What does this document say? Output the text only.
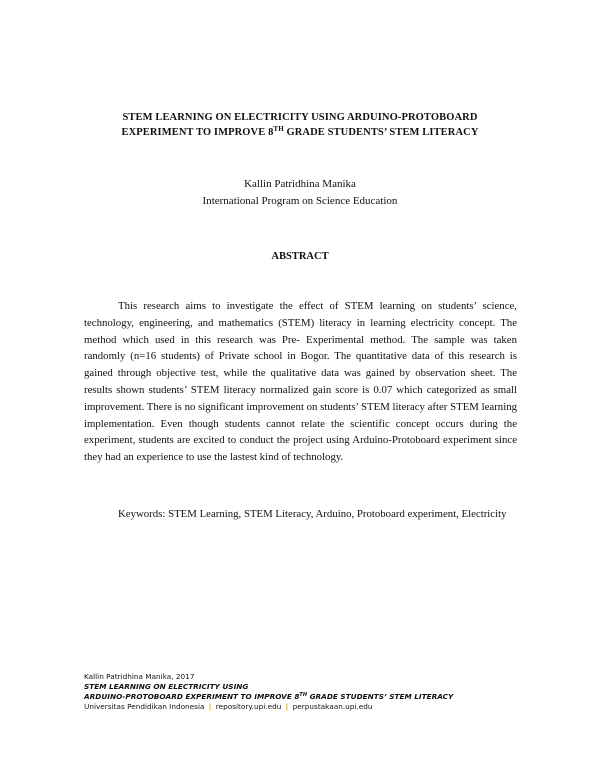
STEM LEARNING ON ELECTRICITY USING ARDUINO-PROTOBOARD
EXPERIMENT TO IMPROVE 8TH GRADE STUDENTS’ STEM LITERACY
Kallin Patridhina Manika
International Program on Science Education
ABSTRACT

This research aims to investigate the effect of STEM learning on students’ science, technology, engineering, and mathematics (STEM) literacy in learning electricity concept. The method which used in this research was Pre- Experimental method. The sample was taken randomly (n=16 students) of Private school in Bogor. The quantitative data of this research is gained through objective test, while the qualitative data was gained by observation sheet. The results shown students’ STEM literacy normalized gain score is 0.07 which categorized as small improvement. There is no significant improvement on students’ STEM literacy after STEM learning implementation. Even though students cannot relate the scientific concept occurs during the experiment, students are excited to conduct the project using Arduino-Protoboard experiment since they had an experience to use the lastest kind of technology.

Keywords: STEM Learning, STEM Literacy, Arduino, Protoboard experiment, Electricity

Kallin Patridhina Manika, 2017
STEM LEARNING ON ELECTRICITY USING
ARDUINO-PROTOBOARD EXPERIMENT TO IMPROVE 8TH GRADE STUDENTS’ STEM LITERACY
Universitas Pendidikan Indonesia | repository.upi.edu | perpustakaan.upi.edu
